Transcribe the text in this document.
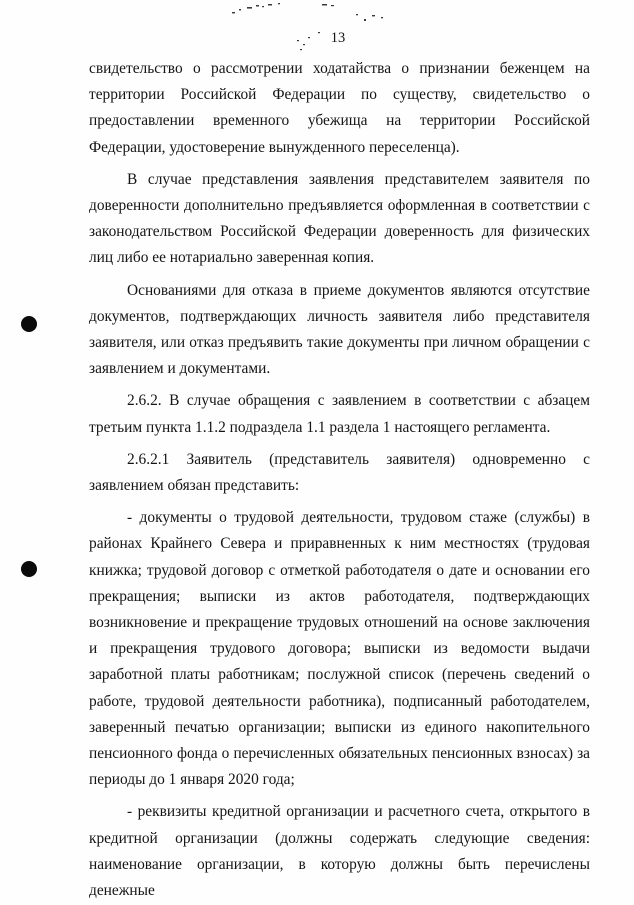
13

свидетельство о рассмотрении ходатайства о признании беженцем на территории Российской Федерации по существу, свидетельство о предоставлении временного убежища на территории Российской Федерации, удостоверение вынужденного переселенца).

В случае представления заявления представителем заявителя по доверенности дополнительно предъявляется оформленная в соответствии с законодательством Российской Федерации доверенность для физических лиц либо ее нотариально заверенная копия.

Основаниями для отказа в приеме документов являются отсутствие документов, подтверждающих личность заявителя либо представителя заявителя, или отказ предъявить такие документы при личном обращении с заявлением и документами.

2.6.2. В случае обращения с заявлением в соответствии с абзацем третьим пункта 1.1.2 подраздела 1.1 раздела 1 настоящего регламента.

2.6.2.1 Заявитель (представитель заявителя) одновременно с заявлением обязан представить:

- документы о трудовой деятельности, трудовом стаже (службы) в районах Крайнего Севера и приравненных к ним местностях (трудовая книжка; трудовой договор с отметкой работодателя о дате и основании его прекращения; выписки из актов работодателя, подтверждающих возникновение и прекращение трудовых отношений на основе заключения и прекращения трудового договора; выписки из ведомости выдачи заработной платы работникам; послужной список (перечень сведений о работе, трудовой деятельности работника), подписанный работодателем, заверенный печатью организации; выписки из единого накопительного пенсионного фонда о перечисленных обязательных пенсионных взносах) за периоды до 1 января 2020 года;

- реквизиты кредитной организации и расчетного счета, открытого в кредитной организации (должны содержать следующие сведения: наименование организации, в которую должны быть перечислены денежные
